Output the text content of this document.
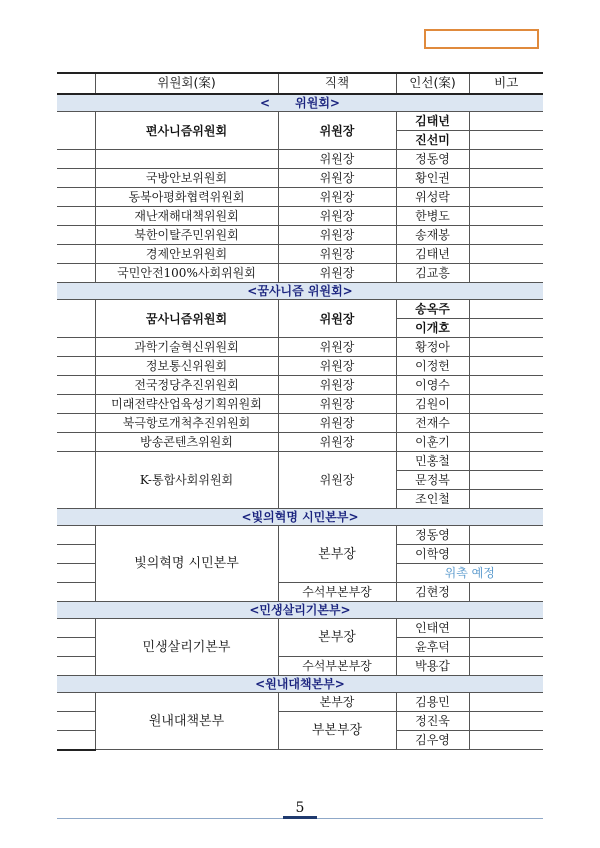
	위원회(案)	직책	인선(案)	비고
<      위원회>				
	편사니즘위원회	위원장	김태년	
			진선미	
		위원장	정동영	
	국방안보위원회	위원장	황인권	
	동북아평화협력위원회	위원장	위성락	
	재난재해대책위원회	위원장	한병도	
	북한이탈주민위원회	위원장	송재봉	
	경제안보위원회	위원장	김태년	
	국민안전100%사회위원회	위원장	김교흥	
<꿈사니즘 위원회>				
	꿈사니즘위원회	위원장	송옥주	
			이개호	
	과학기술혁신위원회	위원장	황정아	
	정보통신위원회	위원장	이정헌	
	전국정당추진위원회	위원장	이영수	
	미래전략산업육성기획위원회	위원장	김원이	
	북극항로개척추진위원회	위원장	전재수	
	방송콘텐츠위원회	위원장	이훈기	
	K-통합사회위원회	위원장	민홍철	
			문정복	
			조인철	
<빛의혁명 시민본부>				
	빛의혁명 시민본부	본부장	정동영	
			이학영	
			위촉 예정	
		수석부본부장	김현정	
<민생살리기본부>				
	민생살리기본부	본부장	인태연	
			윤후덕	
		수석부본부장	박용갑	
<원내대책본부>				
	원내대책본부	본부장	김용민	
		부본부장	정진욱	
			김우영	
5
